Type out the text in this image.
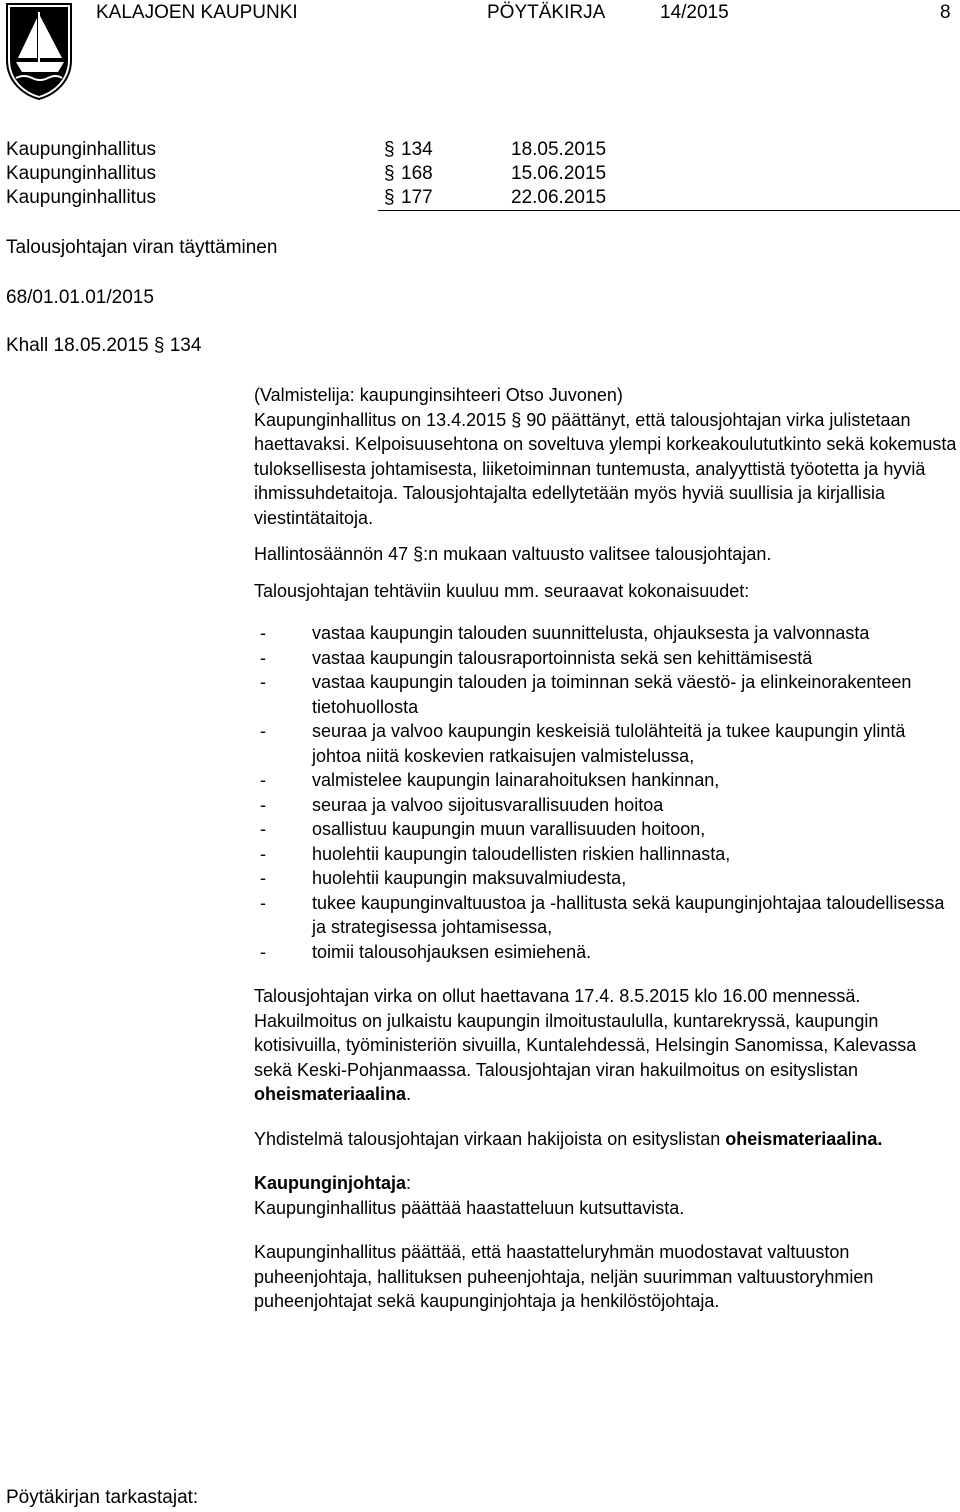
KALAJOEN KAUPUNKI	PÖYTÄKIRJA	14/2015	8
Kaupunginhallitus	§ 134	18.05.2015
Kaupunginhallitus	§ 168	15.06.2015
Kaupunginhallitus	§ 177	22.06.2015
Talousjohtajan viran täyttäminen
68/01.01.01/2015
Khall 18.05.2015 § 134

(Valmistelija: kaupunginsihteeri Otso Juvonen)

Kaupunginhallitus on 13.4.2015 § 90 päättänyt, että talousjohtajan virka julistetaan haettavaksi. Kelpoisuusehtona on soveltuva ylempi korkeakoulututkinto sekä kokemusta tuloksellisesta johtamisesta, liiketoiminnan tuntemusta, analyyttistä työotetta ja hyviä ihmissuhdetaitoja. Talousjohtajalta edellytetään myös hyviä suullisia ja kirjallisia viestintätaitoja.

Hallintosäännön 47 §:n mukaan valtuusto valitsee talousjohtajan.

Talousjohtajan tehtäviin kuuluu mm. seuraavat kokonaisuudet:

-	vastaa kaupungin talouden suunnittelusta, ohjauksesta ja valvonnasta
-	vastaa kaupungin talousraportoinnista sekä sen kehittämisestä
-	vastaa kaupungin talouden ja toiminnan sekä väestö- ja elinkeinorakenteen tietohuollosta
-	seuraa ja valvoo kaupungin keskeisiä tulolähteitä ja tukee kaupungin ylintä johtoa niitä koskevien ratkaisujen valmistelussa,
-	valmistelee kaupungin lainarahoituksen hankinnan,
-	seuraa ja valvoo sijoitusvarallisuuden hoitoa
-	osallistuu kaupungin muun varallisuuden hoitoon,
-	huolehtii kaupungin taloudellisten riskien hallinnasta,
-	huolehtii kaupungin maksuvalmiudesta,
-	tukee kaupunginvaltuustoa ja -hallitusta sekä kaupunginjohtajaa taloudellisessa ja strategisessa johtamisessa,
-	toimii talousohjauksen esimiehenä.

Talousjohtajan virka on ollut haettavana 17.4. 8.5.2015 klo 16.00 mennessä. Hakuilmoitus on julkaistu kaupungin ilmoitustaululla, kuntarekryssä, kaupungin kotisivuilla, työministeriön sivuilla, Kuntalehdessä, Helsingin Sanomissa, Kalevassa sekä Keski-Pohjanmaassa. Talousjohtajan viran hakuilmoitus on esityslistan oheismateriaalina.

Yhdistelmä talousjohtajan virkaan hakijoista on esityslistan oheismateriaalina.

Kaupunginjohtaja:

Kaupunginhallitus päättää haastatteluun kutsuttavista.

Kaupunginhallitus päättää, että haastatteluryhmän muodostavat valtuuston puheenjohtaja, hallituksen puheenjohtaja, neljän suurimman valtuustoryhmien puheenjohtajat sekä kaupunginjohtaja ja henkilöstöjohtaja.

Pöytäkirjan tarkastajat:
